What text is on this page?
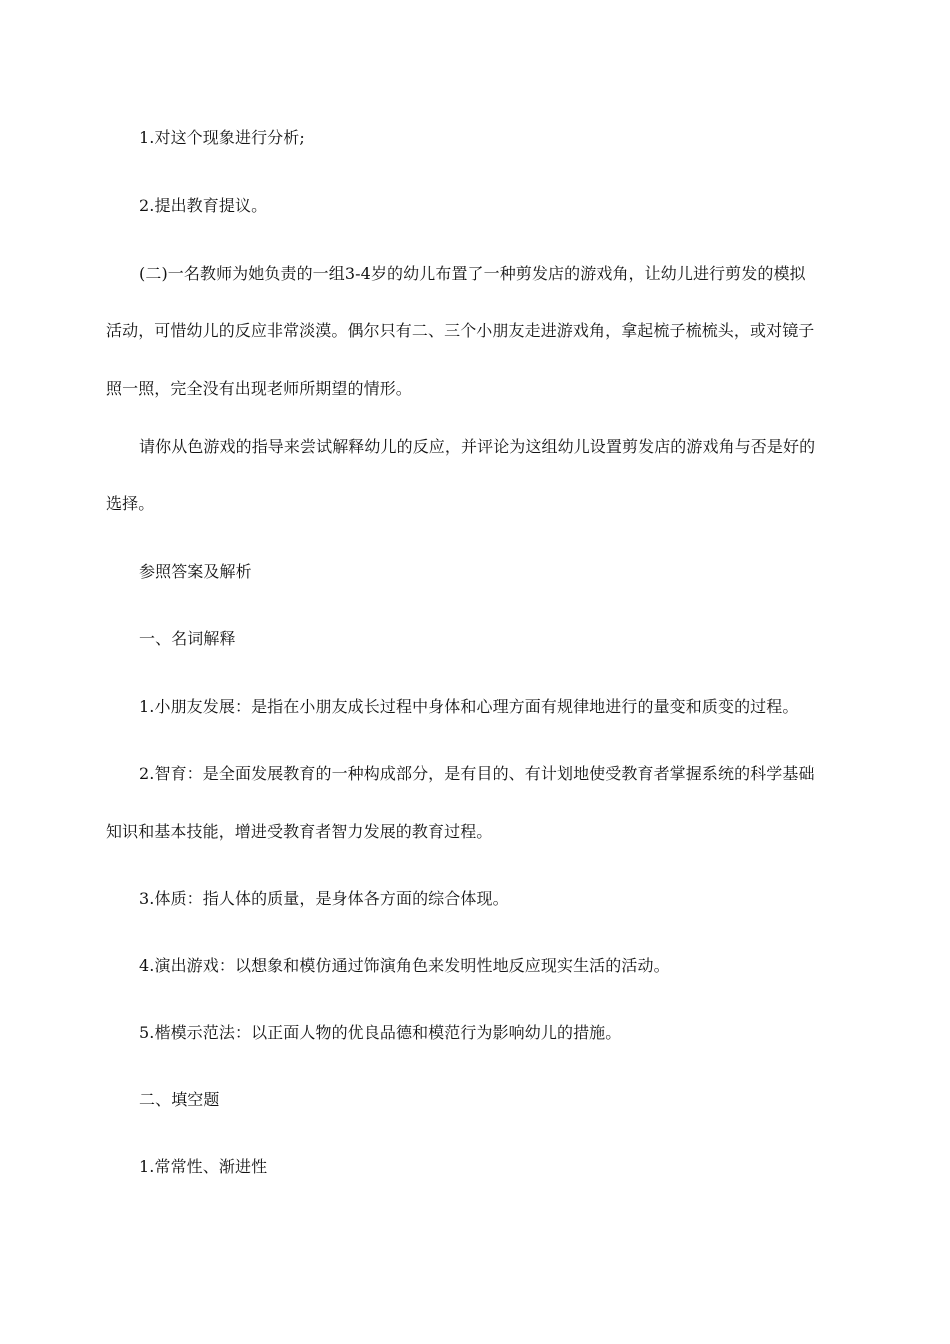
1.对这个现象进行分析;
2.提出教育提议。
(二)一名教师为她负责的一组3-4岁的幼儿布置了一种剪发店的游戏角，让幼儿进行剪发的模拟
活动，可惜幼儿的反应非常淡漠。偶尔只有二、三个小朋友走进游戏角，拿起梳子梳梳头，或对镜子
照一照，完全没有出现老师所期望的情形。
请你从色游戏的指导来尝试解释幼儿的反应，并评论为这组幼儿设置剪发店的游戏角与否是好的
选择。
参照答案及解析
一、名词解释
1.小朋友发展：是指在小朋友成长过程中身体和心理方面有规律地进行的量变和质变的过程。
2.智育：是全面发展教育的一种构成部分，是有目的、有计划地使受教育者掌握系统的科学基础
知识和基本技能，增进受教育者智力发展的教育过程。
3.体质：指人体的质量，是身体各方面的综合体现。
4.演出游戏：以想象和模仿通过饰演角色来发明性地反应现实生活的活动。
5.楷模示范法：以正面人物的优良品德和模范行为影响幼儿的措施。
二、填空题
1.常常性、渐进性
